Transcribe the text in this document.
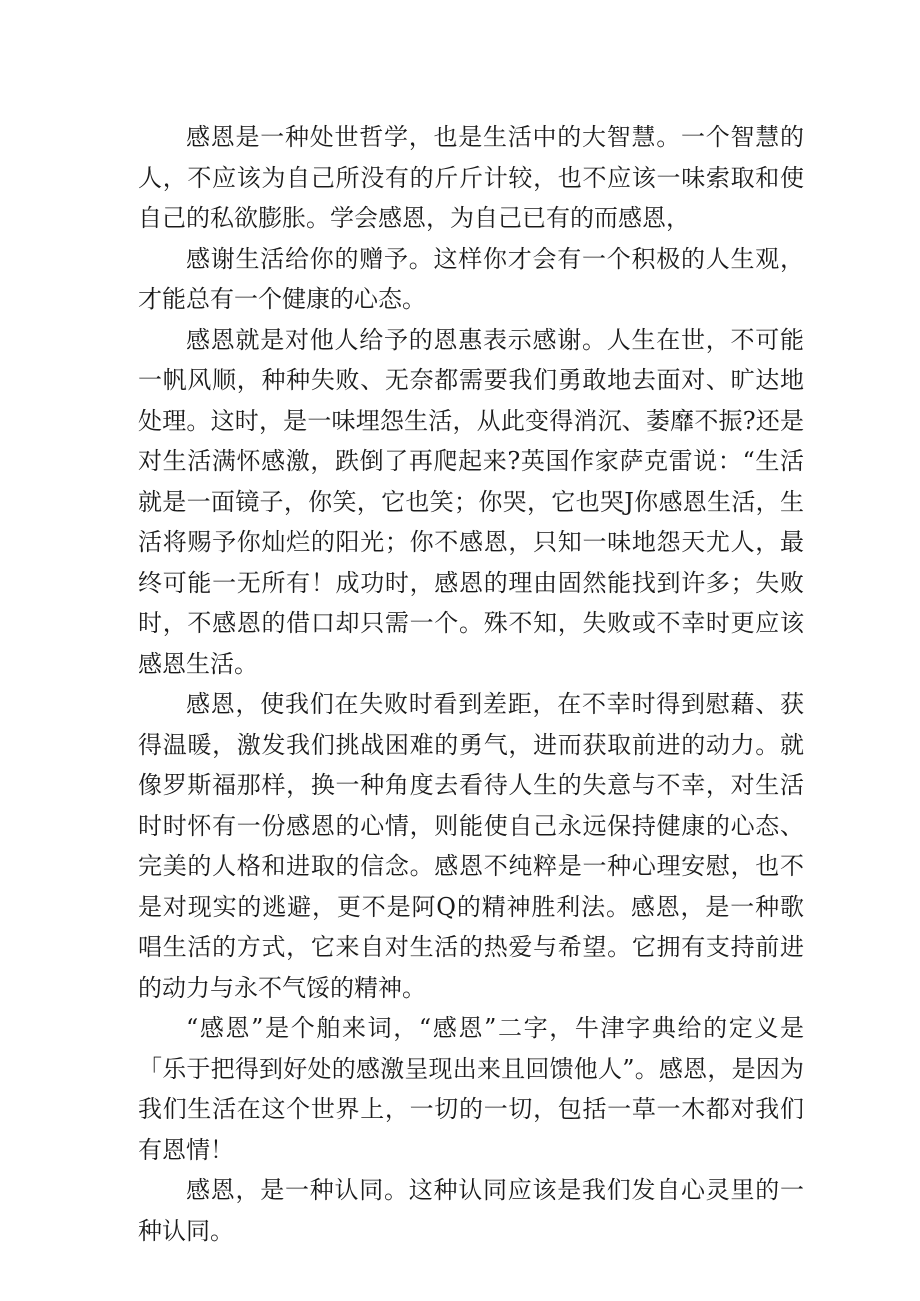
感恩是一种处世哲学，也是生活中的大智慧。一个智慧的人，不应该为自己所没有的斤斤计较，也不应该一味索取和使自己的私欲膨胀。学会感恩，为自己已有的而感恩，

感谢生活给你的赠予。这样你才会有一个积极的人生观，才能总有一个健康的心态。

感恩就是对他人给予的恩惠表示感谢。人生在世，不可能一帆风顺，种种失败、无奈都需要我们勇敢地去面对、旷达地处理。这时，是一味埋怨生活，从此变得消沉、萎靡不振?还是对生活满怀感激，跌倒了再爬起来?英国作家萨克雷说：“生活就是一面镜子，你笑，它也笑；你哭，它也哭J你感恩生活，生活将赐予你灿烂的阳光；你不感恩，只知一味地怨天尤人，最终可能一无所有！成功时，感恩的理由固然能找到许多；失败时，不感恩的借口却只需一个。殊不知，失败或不幸时更应该感恩生活。

感恩，使我们在失败时看到差距，在不幸时得到慰藉、获得温暖，激发我们挑战困难的勇气，进而获取前进的动力。就像罗斯福那样，换一种角度去看待人生的失意与不幸，对生活时时怀有一份感恩的心情，则能使自己永远保持健康的心态、完美的人格和进取的信念。感恩不纯粹是一种心理安慰，也不是对现实的逃避，更不是阿Q的精神胜利法。感恩，是一种歌唱生活的方式，它来自对生活的热爱与希望。它拥有支持前进的动力与永不气馁的精神。

“感恩”是个舶来词，“感恩”二字，牛津字典给的定义是「乐于把得到好处的感激呈现出来且回馈他人”。感恩，是因为我们生活在这个世界上，一切的一切，包括一草一木都对我们有恩情！

感恩，是一种认同。这种认同应该是我们发自心灵里的一种认同。
